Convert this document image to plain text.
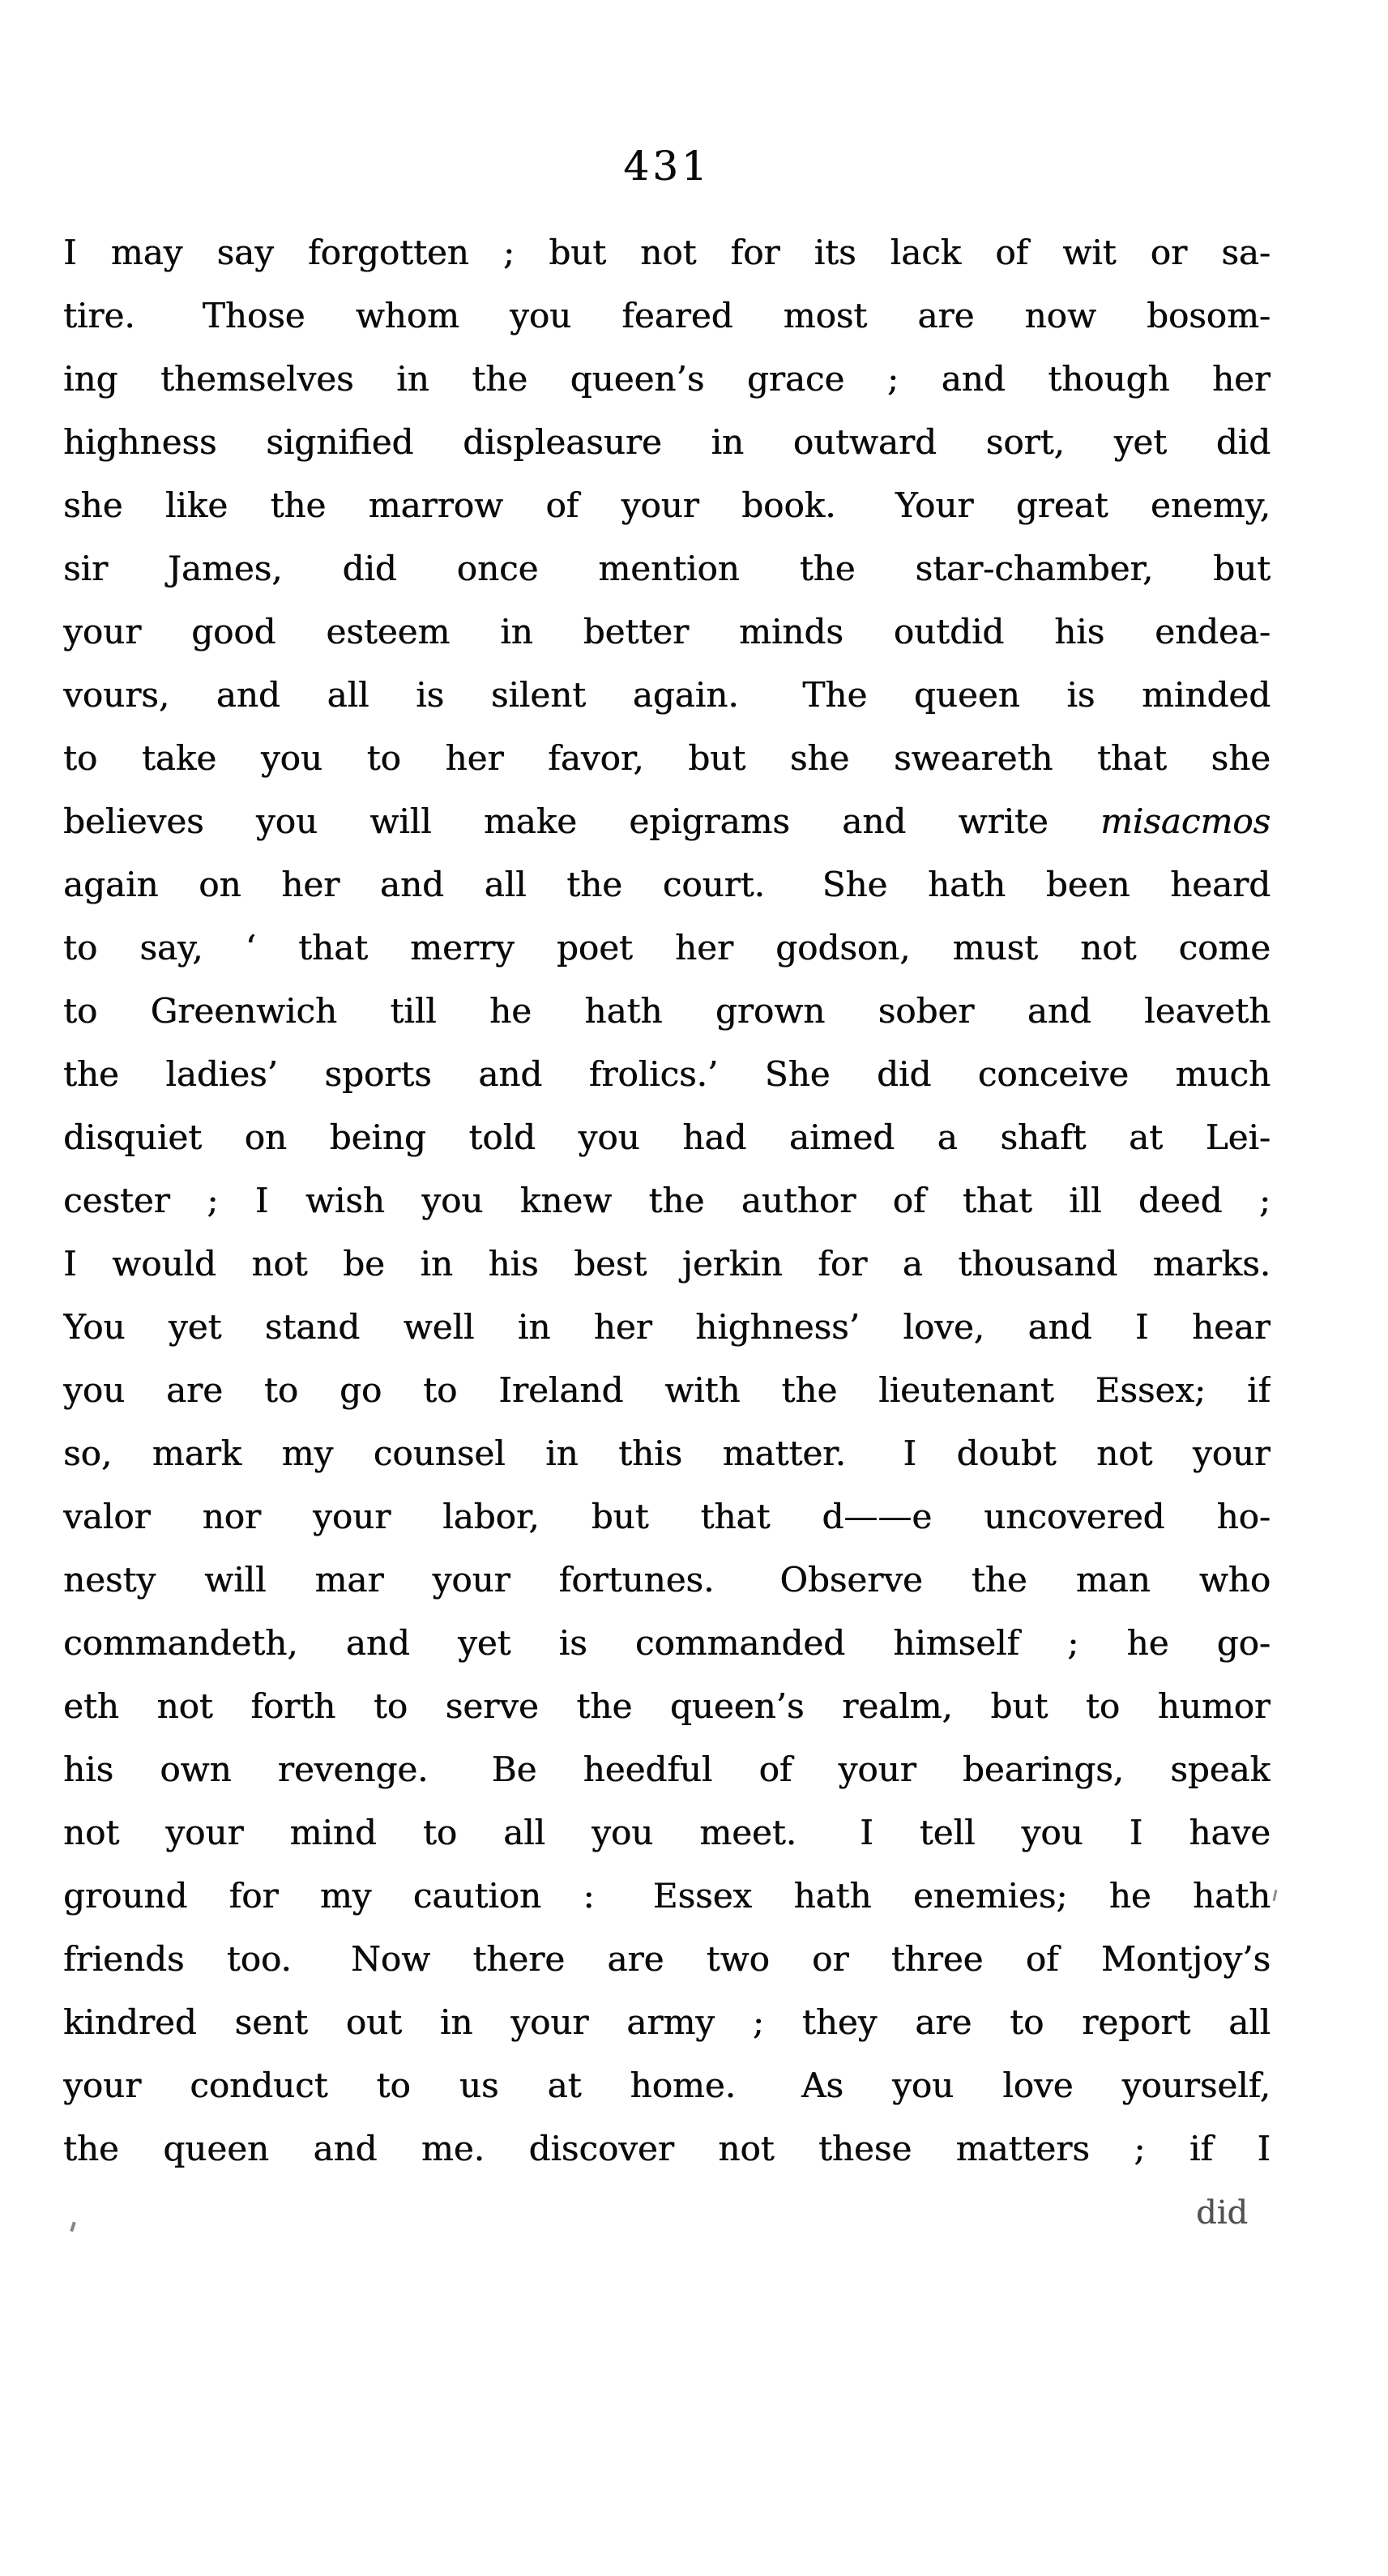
431
I may say forgotten ; but not for its lack of wit or sa-
tire.  Those whom you feared most are now bosom-
ing themselves in the queen’s grace ; and though her
highness signified displeasure in outward sort, yet did
she like the marrow of your book.  Your great enemy,
sir James, did once mention the star-chamber, but
your good esteem in better minds outdid his endea-
vours, and all is silent again.  The queen is minded
to take you to her favor, but she sweareth that she
believes you will make epigrams and write misacmos
again on her and all the court.  She hath been heard
to say, ‘ that merry poet her godson, must not come
to Greenwich till he hath grown sober and leaveth
the ladies’ sports and frolics.’ She did conceive much
disquiet on being told you had aimed a shaft at Lei-
cester ; I wish you knew the author of that ill deed ;
I would not be in his best jerkin for a thousand marks.
You yet stand well in her highness’ love, and I hear
you are to go to Ireland with the lieutenant Essex; if
so, mark my counsel in this matter.  I doubt not your
valor nor your labor, but that d——e uncovered ho-
nesty will mar your fortunes.  Observe the man who
commandeth, and yet is commanded himself ; he go-
eth not forth to serve the queen’s realm, but to humor
his own revenge.  Be heedful of your bearings, speak
not your mind to all you meet.  I tell you I have
ground for my caution :  Essex hath enemies; he hath
friends too.  Now there are two or three of Montjoy’s
kindred sent out in your army ; they are to report all
your conduct to us at home.  As you love yourself,
the queen and me. discover not these matters ; if I
did
